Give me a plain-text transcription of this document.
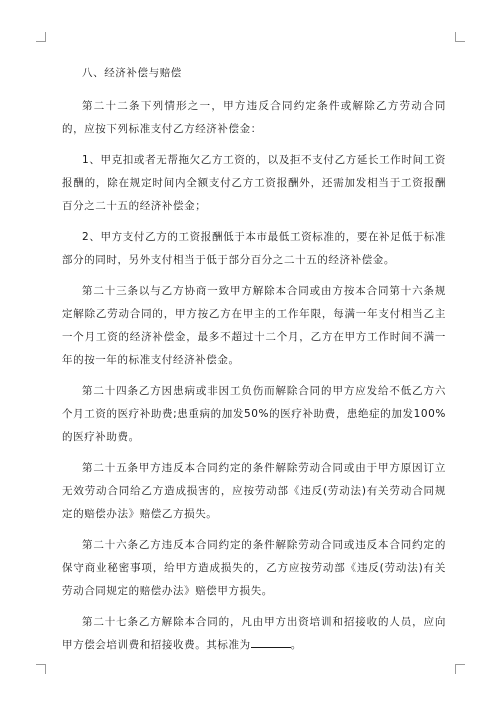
八、经济补偿与赔偿

第二十二条下列情形之一，甲方违反合同约定条件或解除乙方劳动合同的，应按下列标准支付乙方经济补偿金：

1、甲克扣或者无帮拖欠乙方工资的，以及拒不支付乙方延长工作时间工资报酬的，除在规定时间内全额支付乙方工资报酬外，还需加发相当于工资报酬百分之二十五的经济补偿金；

2、甲方支付乙方的工资报酬低于本市最低工资标准的，要在补足低于标准部分的同时，另外支付相当于低于部分百分之二十五的经济补偿金。

第二十三条以与乙方协商一致甲方解除本合同或由方按本合同第十六条规定解除乙劳动合同的，甲方按乙方在甲主的工作年限，每满一年支付相当乙主一个月工资的经济补偿金，最多不超过十二个月，乙方在甲方工作时间不满一年的按一年的标准支付经济补偿金。

第二十四条乙方因患病或非因工负伤而解除合同的甲方应发给不低乙方六个月工资的医疗补助费;患重病的加发50%的医疗补助费，患绝症的加发100%的医疗补助费。

第二十五条甲方违反本合同约定的条件解除劳动合同或由于甲方原因订立无效劳动合同给乙方造成损害的，应按劳动部《违反(劳动法)有关劳动合同规定的赔偿办法》赔偿乙方损失。

第二十六条乙方违反本合同约定的条件解除劳动合同或违反本合同约定的保守商业秘密事项，给甲方造成损失的，乙方应按劳动部《违反(劳动法)有关劳动合同规定的赔偿办法》赔偿甲方损失。

第二十七条乙方解除本合同的，凡由甲方出资培训和招接收的人员，应向甲方偿会培训费和招接收费。其标准为	。
